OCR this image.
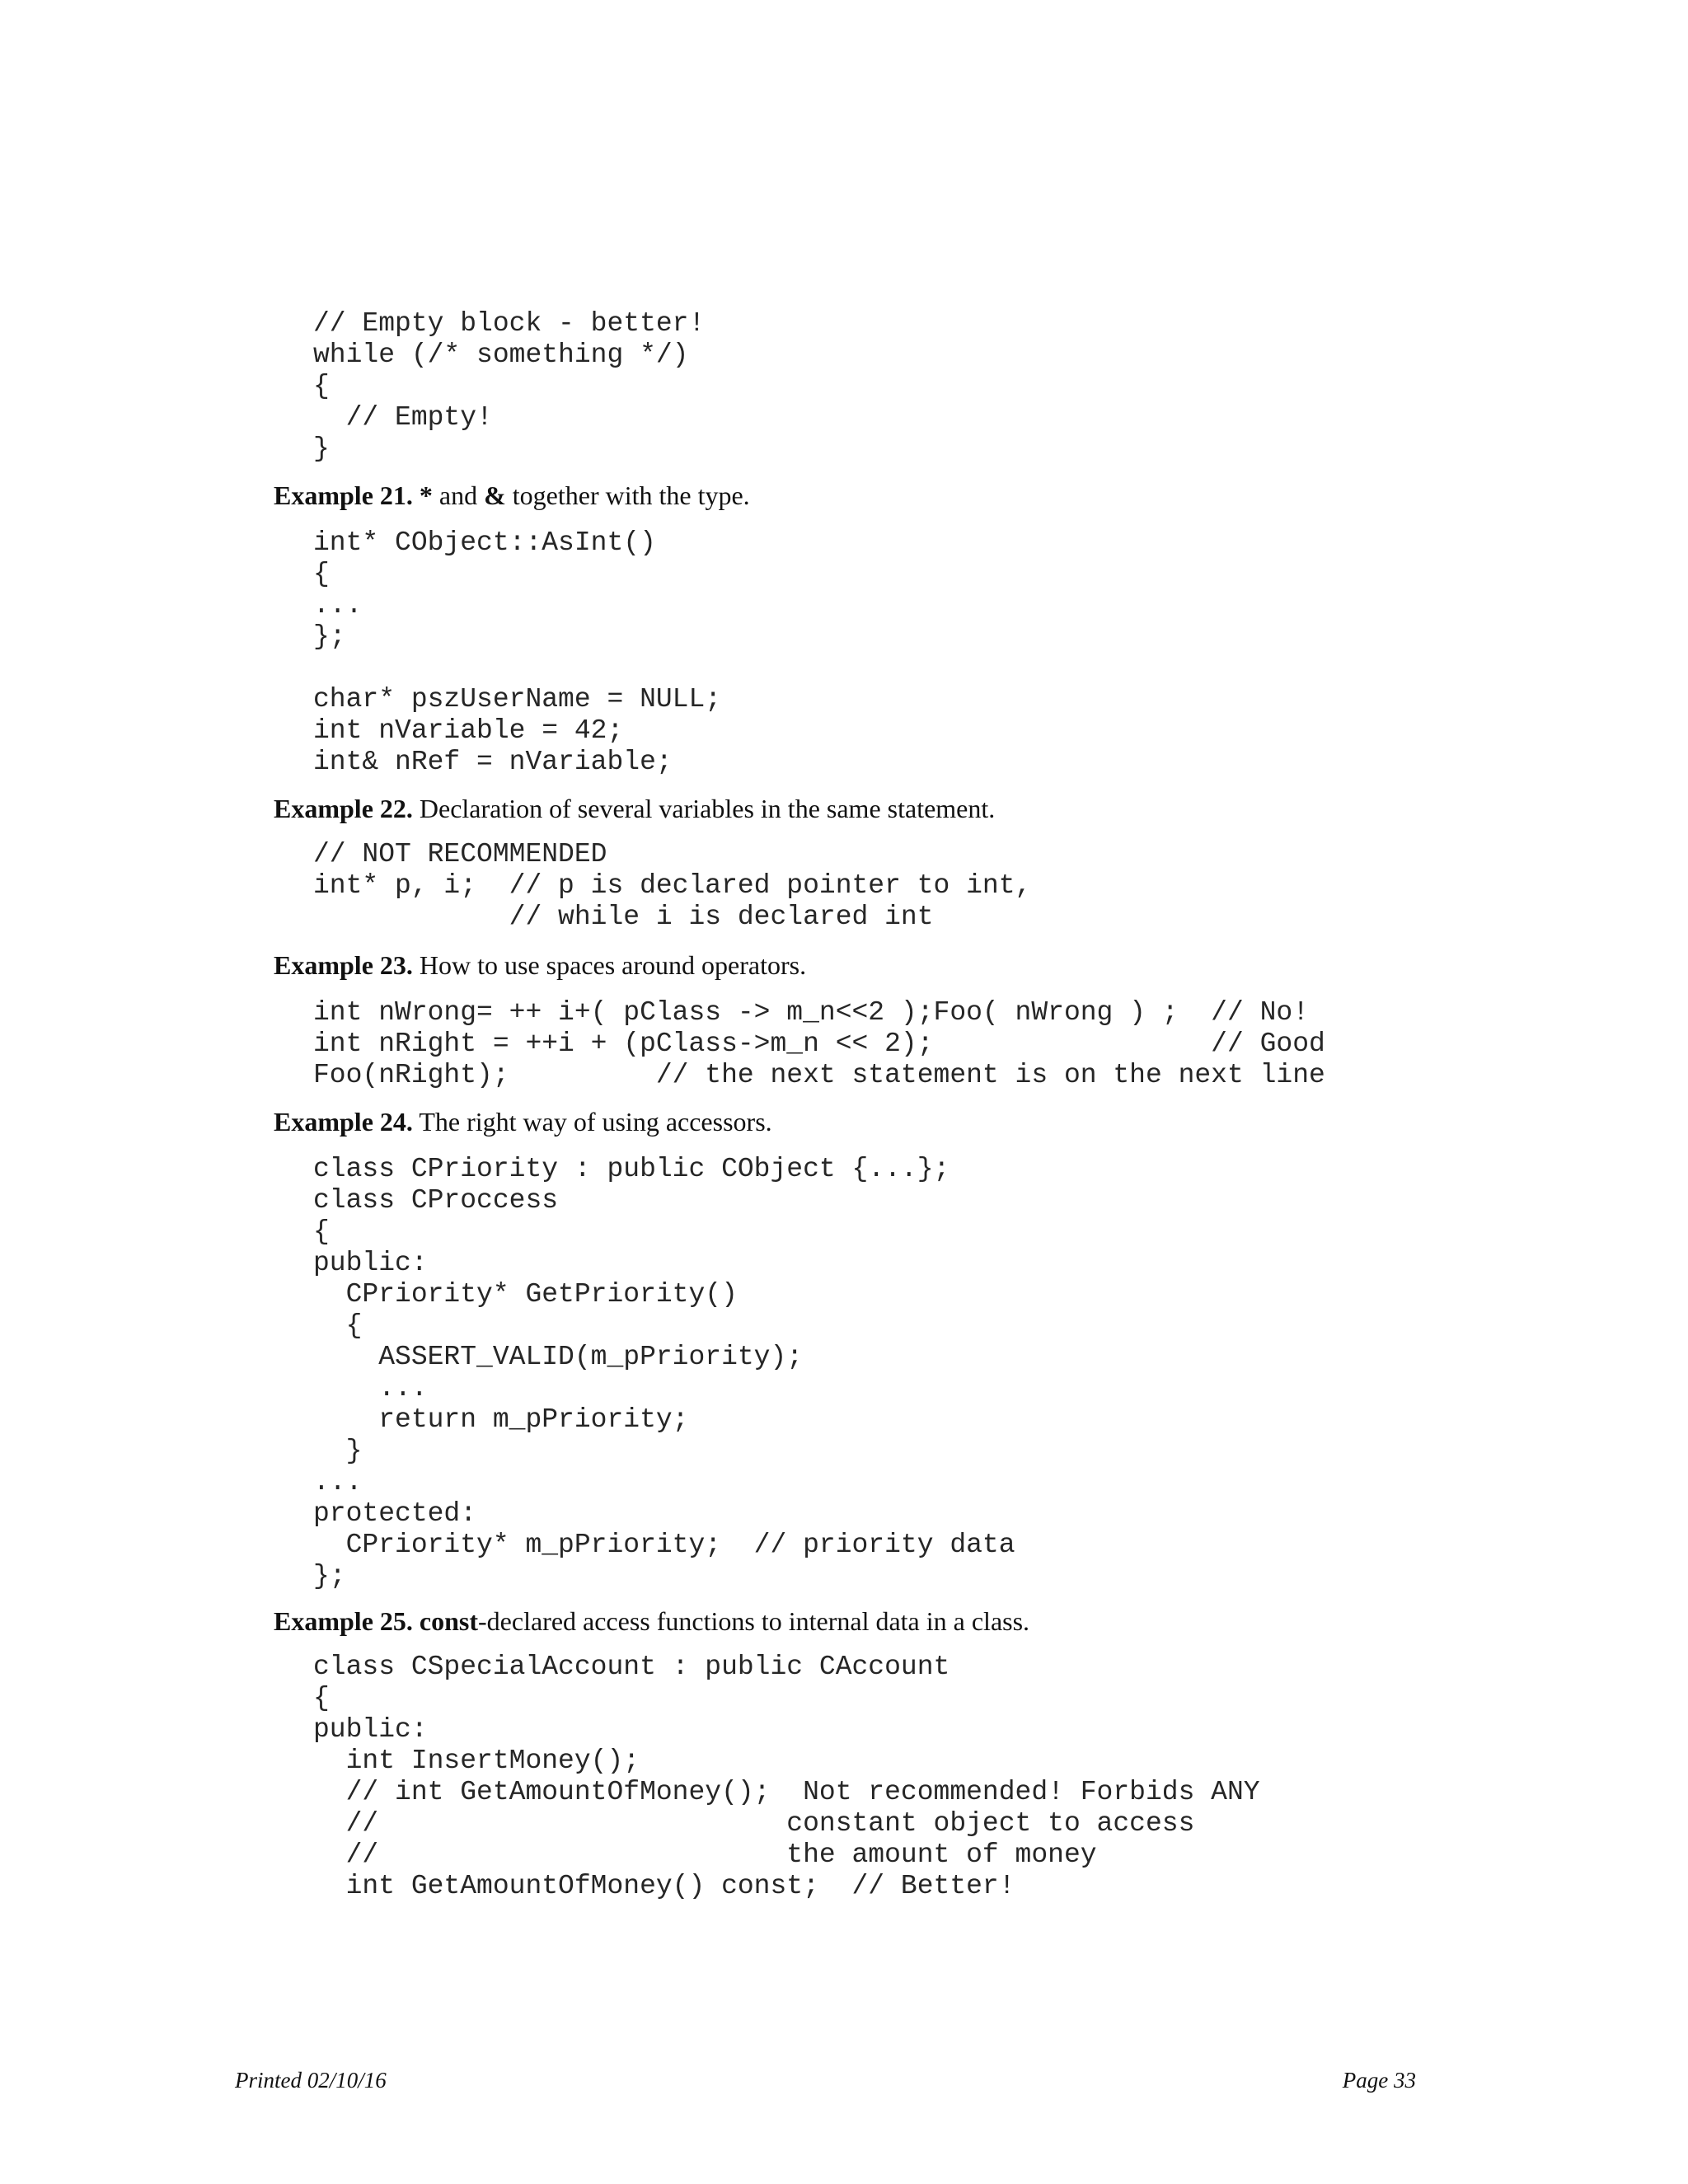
// Empty block - better!
while (/* something */)
{
// Empty!
}
Example 21. * and & together with the type.
int* CObject::AsInt()
{
...
};

char* pszUserName = NULL;
int nVariable = 42;
int& nRef = nVariable;
Example 22. Declaration of several variables in the same statement.
// NOT RECOMMENDED
int* p, i;  // p is declared pointer to int,
// while i is declared int
Example 23. How to use spaces around operators.
int nWrong= ++ i+( pClass -> m_n<<2 );Foo( nWrong ) ;  // No!
int nRight = ++i + (pClass->m_n << 2);                 // Good
Foo(nRight);         // the next statement is on the next line
Example 24. The right way of using accessors.
class CPriority : public CObject {...};
class CProccess
{
public:
CPriority* GetPriority()
{
ASSERT_VALID(m_pPriority);
...
return m_pPriority;
}
...
protected:
CPriority* m_pPriority;  // priority data
};
Example 25. const-declared access functions to internal data in a class.
class CSpecialAccount : public CAccount
{
public:
int InsertMoney();
// int GetAmountOfMoney();  Not recommended! Forbids ANY
//                         constant object to access
//                         the amount of money
int GetAmountOfMoney() const;  // Better!
Printed 02/10/16	Page 33
